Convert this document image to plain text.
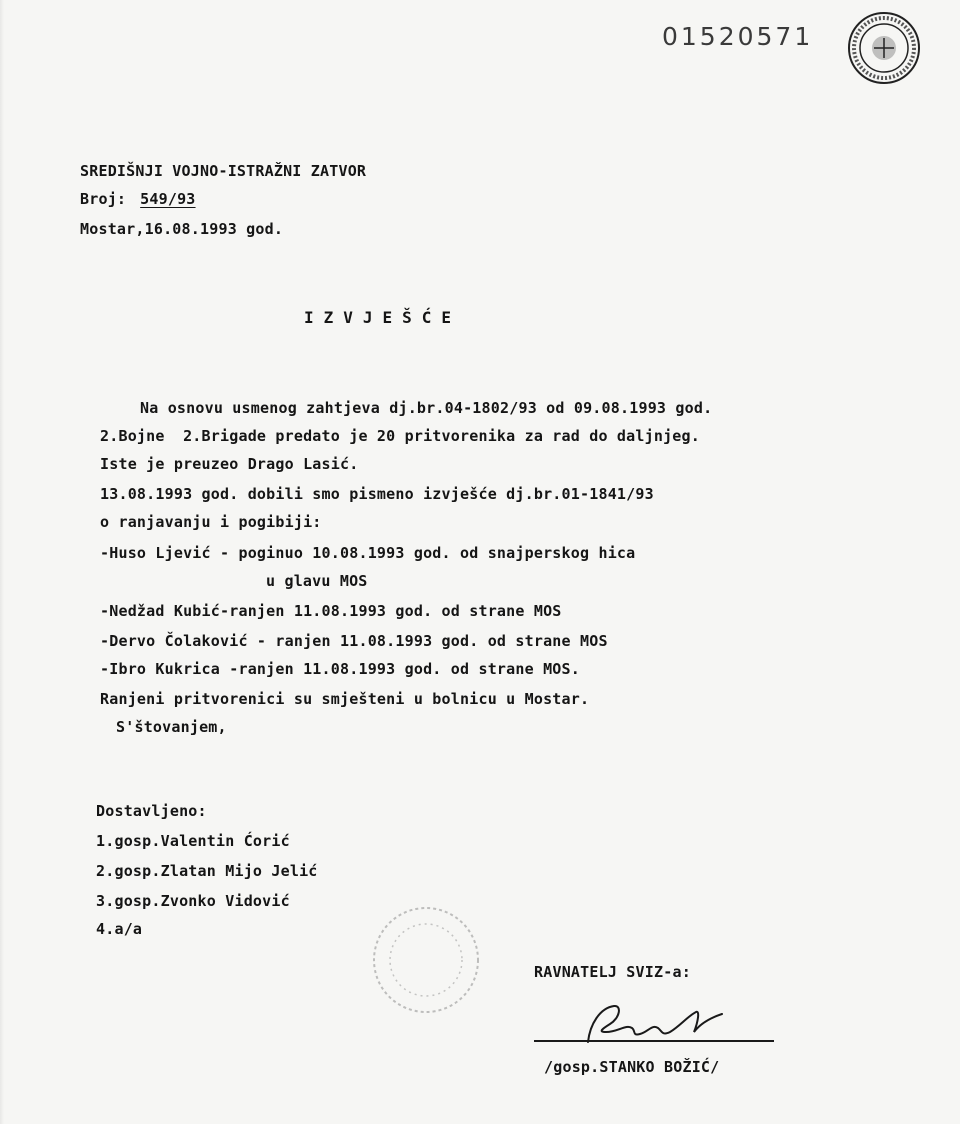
01520571
SREDIŠNJI VOJNO-ISTRAŽNI ZATVOR
Broj: 549/93
Mostar,16.08.1993 god.
IZVJEŠĆE
Na osnovu usmenog zahtjeva dj.br.04-1802/93 od 09.08.1993 god.
2.Bojne  2.Brigade predato je 20 pritvorenika za rad do daljnjeg.
Iste je preuzeo Drago Lasić.
13.08.1993 god. dobili smo pismeno izvješće dj.br.01-1841/93
o ranjavanju i pogibiji:
-Huso Ljević - poginuo 10.08.1993 god. od snajperskog hica
u glavu MOS
-Nedžad Kubić-ranjen 11.08.1993 god. od strane MOS
-Dervo Čolaković - ranjen 11.08.1993 god. od strane MOS
-Ibro Kukrica -ranjen 11.08.1993 god. od strane MOS.
Ranjeni pritvorenici su smješteni u bolnicu u Mostar.
S'štovanjem,
Dostavljeno:
1.gosp.Valentin Ćorić
2.gosp.Zlatan Mijo Jelić
3.gosp.Zvonko Vidović
4.a/a
RAVNATELJ SVIZ-a:
/gosp.STANKO BOŽIĆ/
